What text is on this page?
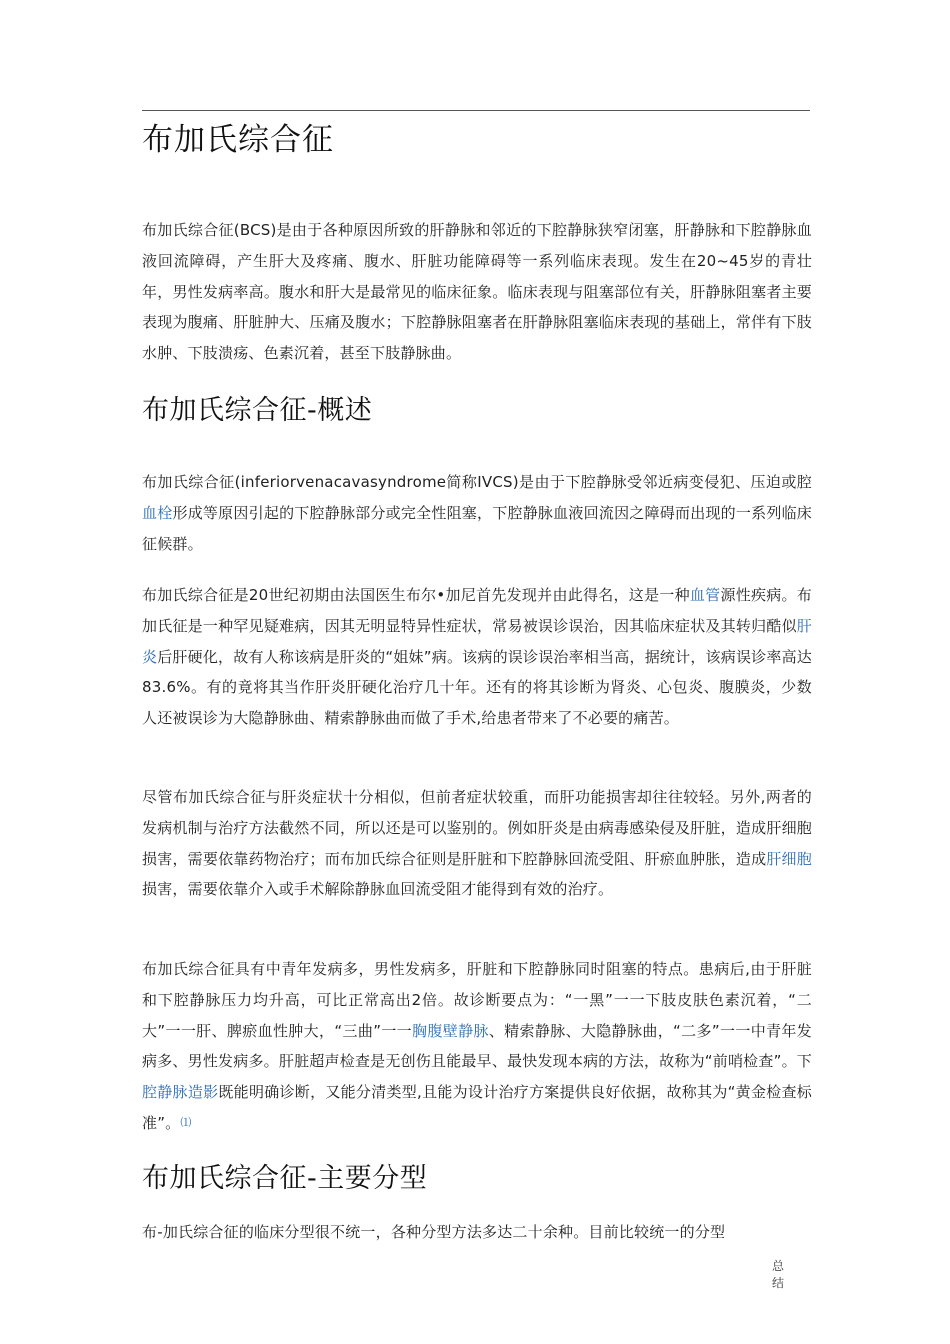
布加氏综合征

布加氏综合征(BCS)是由于各种原因所致的肝静脉和邻近的下腔静脉狭窄闭塞，肝静脉和下腔静脉血液回流障碍，产生肝大及疼痛、腹水、肝脏功能障碍等一系列临床表现。发生在20~45岁的青壮年，男性发病率高。腹水和肝大是最常见的临床征象。临床表现与阻塞部位有关，肝静脉阻塞者主要表现为腹痛、肝脏肿大、压痛及腹水；下腔静脉阻塞者在肝静脉阻塞临床表现的基础上，常伴有下肢水肿、下肢溃疡、色素沉着，甚至下肢静脉曲。

布加氏综合征-概述

布加氏综合征(inferiorvenacavasyndrome简称IVCS)是由于下腔静脉受邻近病变侵犯、压迫或腔血栓形成等原因引起的下腔静脉部分或完全性阻塞，下腔静脉血液回流因之障碍而出现的一系列临床征候群。

布加氏综合征是20世纪初期由法国医生布尔•加尼首先发现并由此得名，这是一种血管源性疾病。布加氏征是一种罕见疑难病，因其无明显特异性症状，常易被误诊误治，因其临床症状及其转归酷似肝炎后肝硬化，故有人称该病是肝炎的“姐妹”病。该病的误诊误治率相当高，据统计，该病误诊率高达83.6%。有的竟将其当作肝炎肝硬化治疗几十年。还有的将其诊断为肾炎、心包炎、腹膜炎，少数人还被误诊为大隐静脉曲、精索静脉曲而做了手术,给患者带来了不必要的痛苦。

尽管布加氏综合征与肝炎症状十分相似，但前者症状较重，而肝功能损害却往往较轻。另外,两者的发病机制与治疗方法截然不同，所以还是可以鉴别的。例如肝炎是由病毒感染侵及肝脏，造成肝细胞损害，需要依靠药物治疗；而布加氏综合征则是肝脏和下腔静脉回流受阻、肝瘀血肿胀，造成肝细胞损害，需要依靠介入或手术解除静脉血回流受阻才能得到有效的治疗。

布加氏综合征具有中青年发病多，男性发病多，肝脏和下腔静脉同时阻塞的特点。患病后,由于肝脏和下腔静脉压力均升高，可比正常高出2倍。故诊断要点为：“一黑”一一下肢皮肤色素沉着，“二大”一一肝、脾瘀血性肿大，“三曲”一一胸腹壁静脉、精索静脉、大隐静脉曲，“二多”一一中青年发病多、男性发病多。肝脏超声检查是无创伤且能最早、最快发现本病的方法，故称为“前哨检查”。下腔静脉造影既能明确诊断，又能分清类型,且能为设计治疗方案提供良好依据，故称其为“黄金检查标准”。⑴

布加氏综合征-主要分型

布-加氏综合征的临床分型很不统一，各种分型方法多达二十余种。目前比较统一的分型

总
结
